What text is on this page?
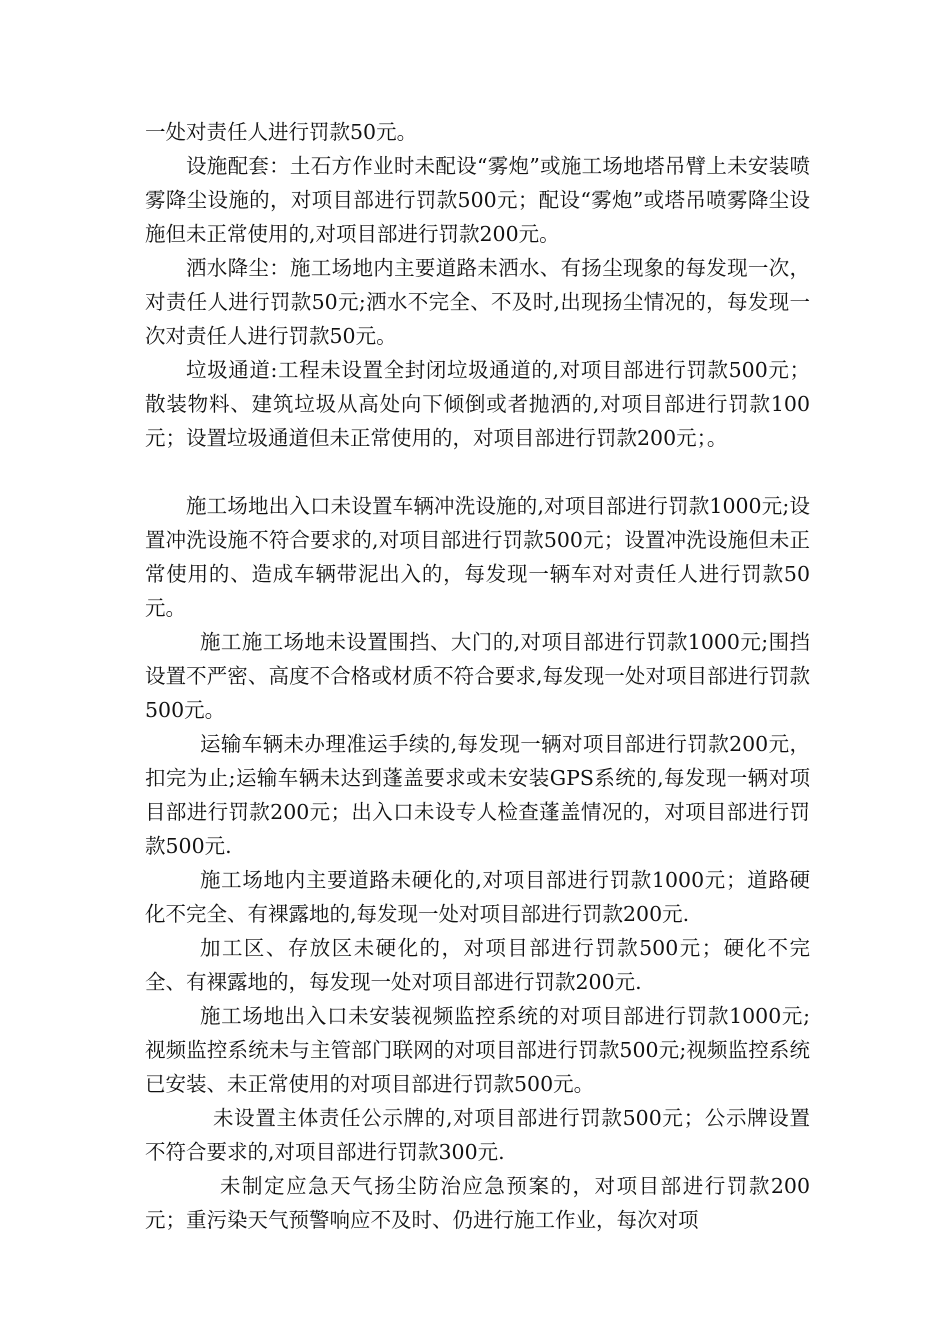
一处对责任人进行罚款50元。

设施配套：土石方作业时未配设“雾炮”或施工场地塔吊臂上未安装喷雾降尘设施的，对项目部进行罚款500元；配设“雾炮”或塔吊喷雾降尘设施但未正常使用的,对项目部进行罚款200元。

洒水降尘：施工场地内主要道路未洒水、有扬尘现象的每发现一次，对责任人进行罚款50元;洒水不完全、不及时,出现扬尘情况的，每发现一次对责任人进行罚款50元。

垃圾通道:工程未设置全封闭垃圾通道的,对项目部进行罚款500元；散装物料、建筑垃圾从高处向下倾倒或者抛洒的,对项目部进行罚款100元；设置垃圾通道但未正常使用的，对项目部进行罚款200元；。

施工场地出入口未设置车辆冲洗设施的,对项目部进行罚款1000元;设置冲洗设施不符合要求的,对项目部进行罚款500元；设置冲洗设施但未正常使用的、造成车辆带泥出入的，每发现一辆车对对责任人进行罚款50元。

施工施工场地未设置围挡、大门的,对项目部进行罚款1000元;围挡设置不严密、高度不合格或材质不符合要求,每发现一处对项目部进行罚款500元。

运输车辆未办理准运手续的,每发现一辆对项目部进行罚款200元，扣完为止;运输车辆未达到蓬盖要求或未安装GPS系统的,每发现一辆对项目部进行罚款200元；出入口未设专人检查蓬盖情况的，对项目部进行罚款500元.

施工场地内主要道路未硬化的,对项目部进行罚款1000元；道路硬化不完全、有裸露地的,每发现一处对项目部进行罚款200元.

加工区、存放区未硬化的，对项目部进行罚款500元；硬化不完全、有裸露地的，每发现一处对项目部进行罚款200元.

施工场地出入口未安装视频监控系统的对项目部进行罚款1000元;视频监控系统未与主管部门联网的对项目部进行罚款500元;视频监控系统已安装、未正常使用的对项目部进行罚款500元。

未设置主体责任公示牌的,对项目部进行罚款500元；公示牌设置不符合要求的,对项目部进行罚款300元.

未制定应急天气扬尘防治应急预案的，对项目部进行罚款200元；重污染天气预警响应不及时、仍进行施工作业，每次对项
